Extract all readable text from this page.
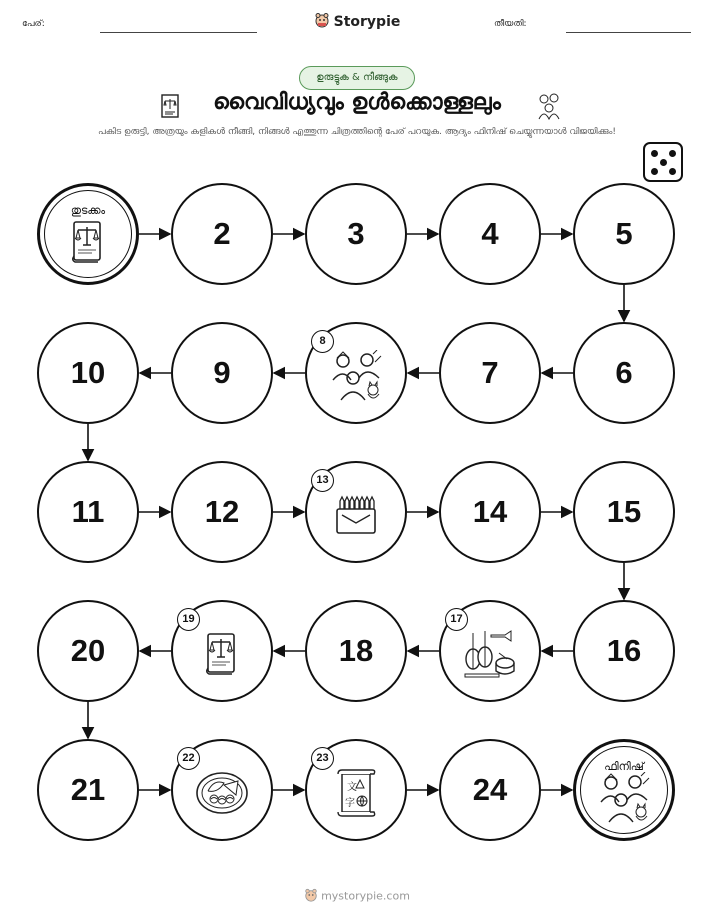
പേര്:	Storypie	തീയതി:
ഉരുട്ടുക & നീങ്ങുക
വൈവിധ്യവും ഉൾക്കൊള്ളലും
പകിട ഉരുട്ടി, അത്രയും കളികൾ നീങ്ങി, നിങ്ങൾ എത്തുന്ന ചിത്രത്തിന്റെ പേര് പറയുക. ആദ്യം ഫിനിഷ് ചെയ്യുന്നയാൾ വിജയിക്കും!
തുടക്കം
2	3	4	5
6
7
8
9
10
11	12
13
14	15
16
17
18
19
20
21
22	23
文
字	24
ഫിനിഷ്
mystorypie.com
